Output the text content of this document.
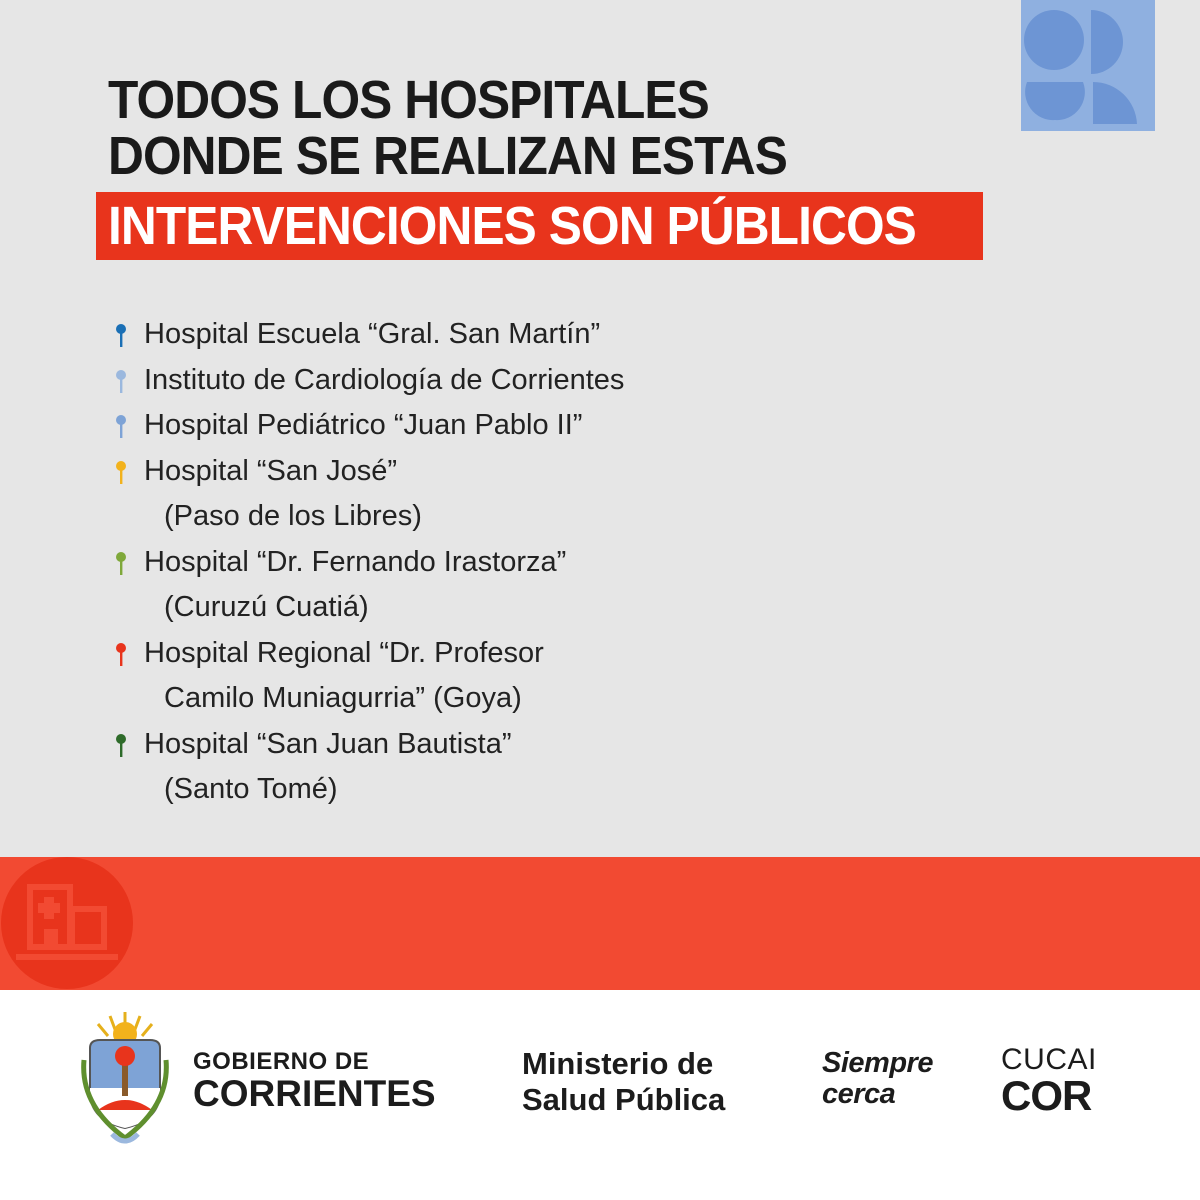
TODOS LOS HOSPITALES
DONDE SE REALIZAN ESTAS
INTERVENCIONES SON PÚBLICOS
Hospital Escuela “Gral. San Martín”
Instituto de Cardiología de Corrientes
Hospital Pediátrico “Juan Pablo II”
Hospital “San José”
(Paso de los Libres)
Hospital “Dr. Fernando Irastorza”
(Curuzú Cuatiá)
Hospital Regional “Dr. Profesor
Camilo Muniagurria” (Goya)
Hospital “San Juan Bautista”
(Santo Tomé)
GOBIERNO DE
CORRIENTES
Ministerio de
Salud Pública
Siempre
cerca
CUCAI
COR
